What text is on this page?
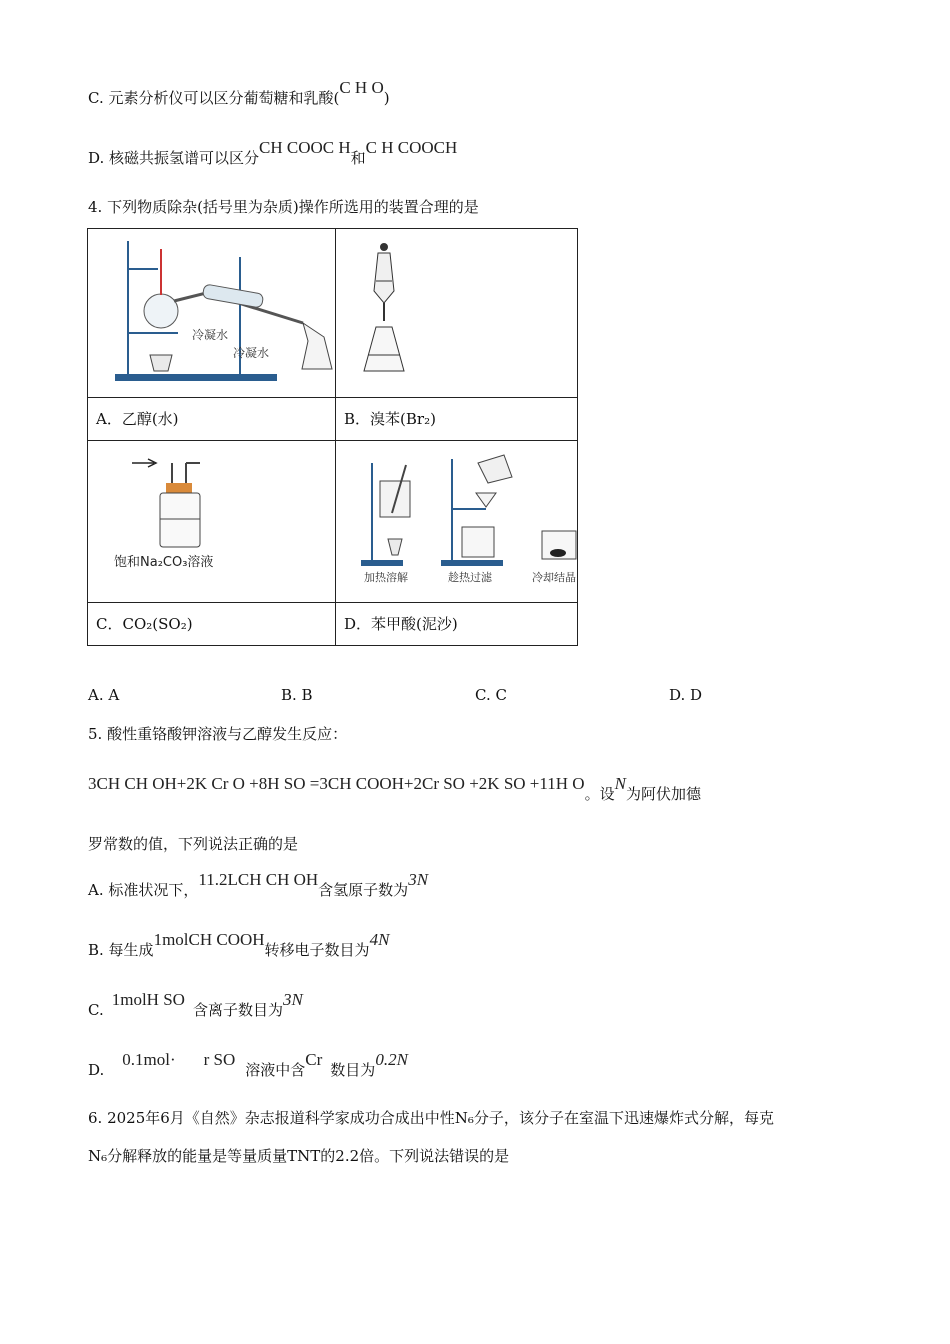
C. 元素分析仪可以区分葡萄糖和乳酸(C H O)
D. 核磁共振氢谱可以区分CH COOC H和C H COOCH
4. 下列物质除杂(括号里为杂质)操作所选用的装置合理的是
冷凝水
冷凝水

A．乙醇(水)	B．溴苯(Br₂)

饱和Na₂CO₃溶液	加热溶解 趁热过滤 冷却结晶

C．CO₂(SO₂)	D．苯甲酸(泥沙)
A. A	B. B	C. C	D. D
5. 酸性重铬酸钾溶液与乙醇发生反应：
3CH CH OH+2K Cr O +8H SO =3CH COOH+2Cr SO +2K SO +11H O。设N为阿伏加德
罗常数的值，下列说法正确的是
A. 标准状况下，11.2LCH CH OH含氢原子数为3N
B. 每生成1molCH COOH转移电子数目为4N
C.1molH SO含离子数目为3N
D.0.1mol· r SO溶液中含Cr数目为0.2N
6. 2025年6月《自然》杂志报道科学家成功合成出中性N₆分子，该分子在室温下迅速爆炸式分解，每克
N₆分解释放的能量是等量质量TNT的2.2倍。下列说法错误的是
